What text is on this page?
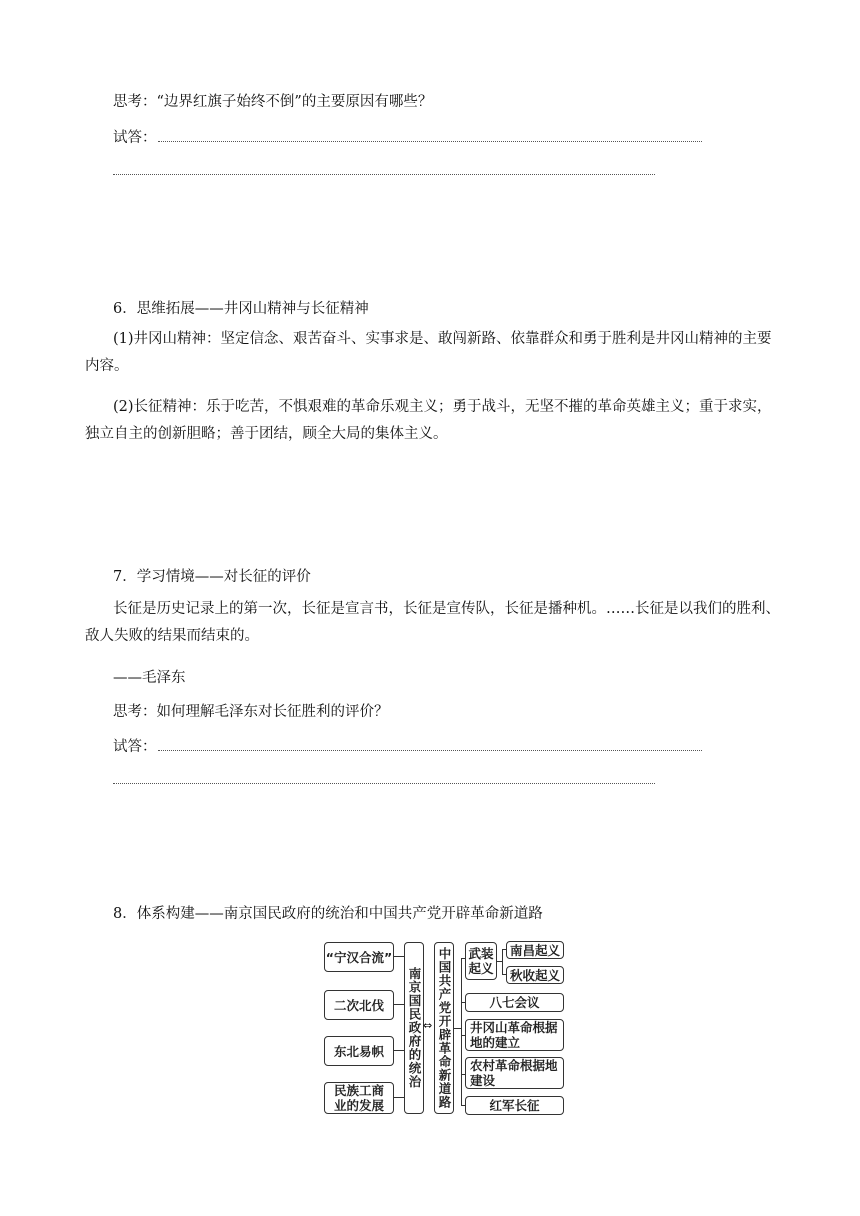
思考：“边界红旗子始终不倒”的主要原因有哪些？
试答：
6．思维拓展——井冈山精神与长征精神
(1)井冈山精神：坚定信念、艰苦奋斗、实事求是、敢闯新路、依靠群众和勇于胜利是井冈山精神的主要内容。
(2)长征精神：乐于吃苦，不惧艰难的革命乐观主义；勇于战斗，无坚不摧的革命英雄主义；重于求实，独立自主的创新胆略；善于团结，顾全大局的集体主义。
7．学习情境——对长征的评价
长征是历史记录上的第一次，长征是宣言书，长征是宣传队，长征是播种机。……长征是以我们的胜利、敌人失败的结果而结束的。
——毛泽东
思考：如何理解毛泽东对长征胜利的评价？
试答：
8．体系构建——南京国民政府的统治和中国共产党开辟革命新道路
“宁汉合流”
二次北伐
东北易帜
民族工商业的发展
南京国民政府的统治 ⇔ 中国共产党开辟革命新道路 武装起义
南昌起义
秋收起义
八七会议
井冈山革命根据地的建立
农村革命根据地建设
红军长征
